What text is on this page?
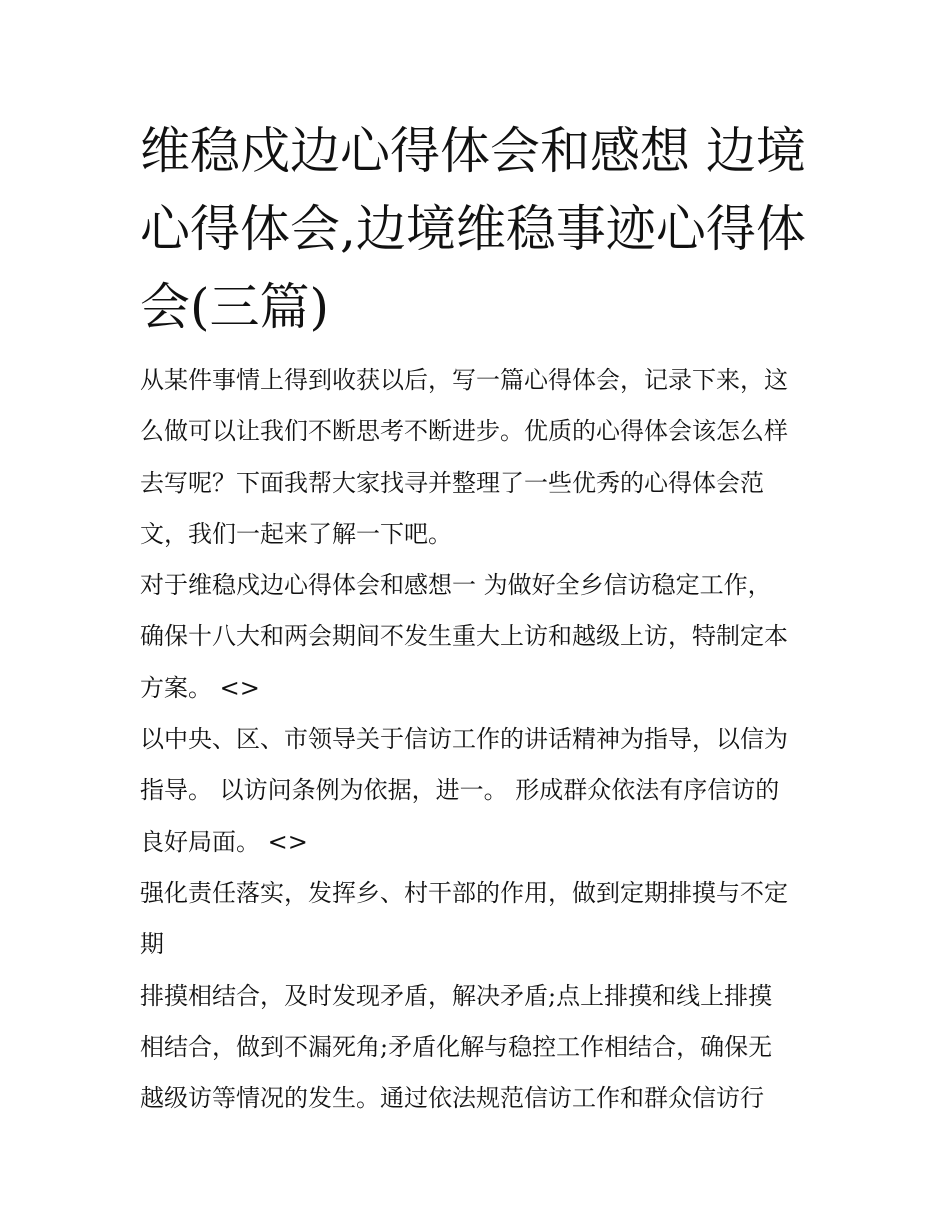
维稳戍边心得体会和感想 边境
心得体会,边境维稳事迹心得体
会(三篇)
从某件事情上得到收获以后，写一篇心得体会，记录下来，这
么做可以让我们不断思考不断进步。优质的心得体会该怎么样
去写呢？下面我帮大家找寻并整理了一些优秀的心得体会范
文，我们一起来了解一下吧。
对于维稳戍边心得体会和感想一 为做好全乡信访稳定工作，
确保十八大和两会期间不发生重大上访和越级上访，特制定本
方案。 <>
以中央、区、市领导关于信访工作的讲话精神为指导，以信为
指导。 以访问条例为依据，进一。 形成群众依法有序信访的
良好局面。 <>
强化责任落实，发挥乡、村干部的作用，做到定期排摸与不定
期
排摸相结合，及时发现矛盾，解决矛盾;点上排摸和线上排摸
相结合，做到不漏死角;矛盾化解与稳控工作相结合，确保无
越级访等情况的发生。通过依法规范信访工作和群众信访行
